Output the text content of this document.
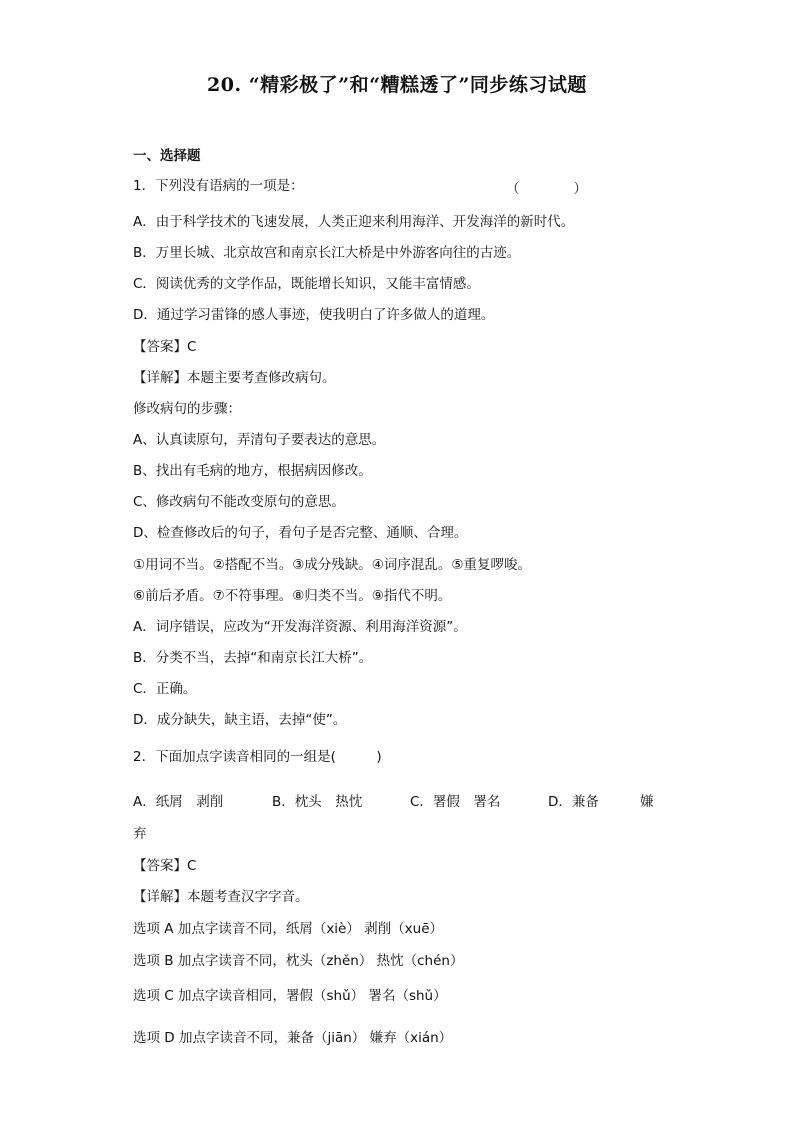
20. “精彩极了”和“糟糕透了”同步练习试题
一、选择题
1．下列没有语病的一项是：	（　　　　）
A．由于科学技术的飞速发展，人类正迎来利用海洋、开发海洋的新时代。
B．万里长城、北京故宫和南京长江大桥是中外游客向往的古迹。
C．阅读优秀的文学作品，既能增长知识，又能丰富情感。
D．通过学习雷锋的感人事迹，使我明白了许多做人的道理。
【答案】C
【详解】本题主要考查修改病句。
修改病句的步骤：
A、认真读原句，弄清句子要表达的意思。
B、找出有毛病的地方，根据病因修改。
C、修改病句不能改变原句的意思。
D、检查修改后的句子，看句子是否完整、通顺、合理。
①用词不当。②搭配不当。③成分残缺。④词序混乱。⑤重复啰唆。
⑥前后矛盾。⑦不符事理。⑧归类不当。⑨指代不明。
A．词序错误，应改为“开发海洋资源、利用海洋资源”。
B．分类不当，去掉“和南京长江大桥”。
C．正确。
D．成分缺失，缺主语，去掉“使”。
2．下面加点字读音相同的一组是(　　　)
A．纸屑　剥削	B．枕头　热忱	C．署假　署名	D．兼备	嫌
弃
【答案】C
【详解】本题考查汉字字音。
选项 A 加点字读音不同，纸屑（xiè） 剥削（xuē）
选项 B 加点字读音不同，枕头（zhěn） 热忱（chén）
选项 C 加点字读音相同，署假（shǔ） 署名（shǔ）
选项 D 加点字读音不同，兼备（jiān） 嫌弃（xián）
